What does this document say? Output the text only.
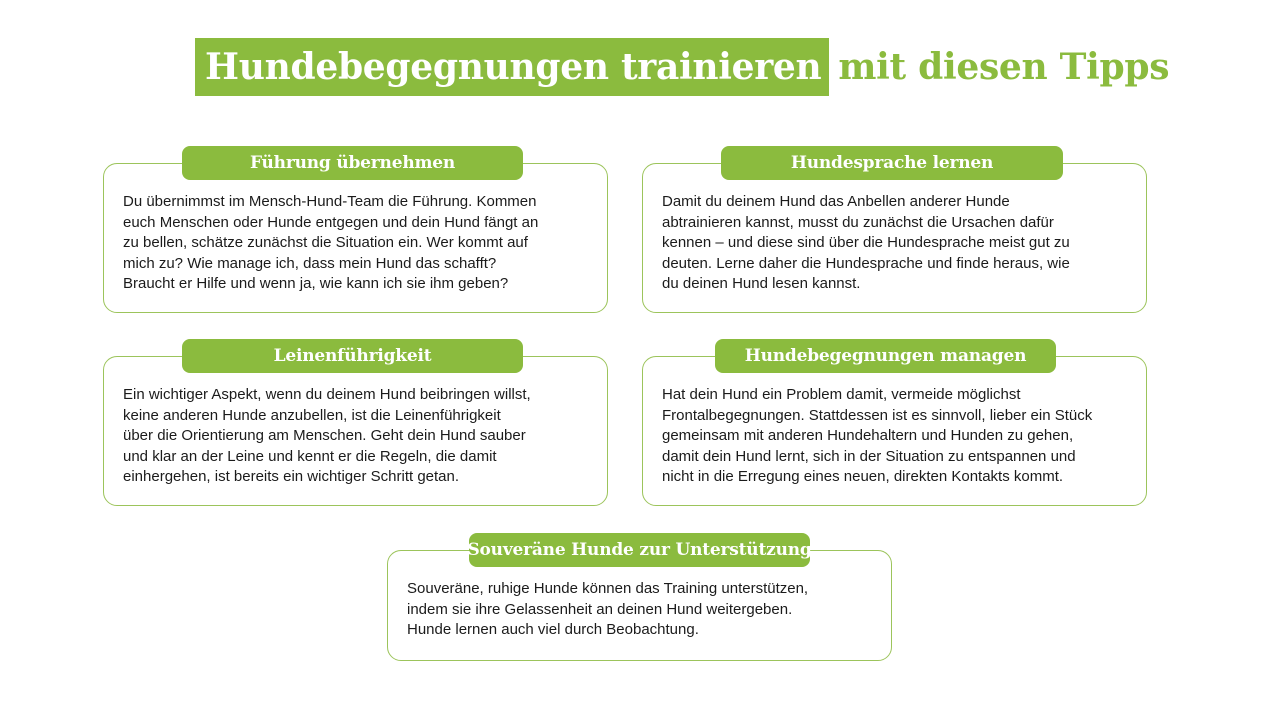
Hundebegegnungen trainieren mit diesen Tipps
Du übernimmst im Mensch-Hund-Team die Führung. Kommen
euch Menschen oder Hunde entgegen und dein Hund fängt an
zu bellen, schätze zunächst die Situation ein. Wer kommt auf
mich zu? Wie manage ich, dass mein Hund das schafft?
Braucht er Hilfe und wenn ja, wie kann ich sie ihm geben?
Führung übernehmen
Damit du deinem Hund das Anbellen anderer Hunde
abtrainieren kannst, musst du zunächst die Ursachen dafür
kennen – und diese sind über die Hundesprache meist gut zu
deuten. Lerne daher die Hundesprache und finde heraus, wie
du deinen Hund lesen kannst.
Hundesprache lernen
Ein wichtiger Aspekt, wenn du deinem Hund beibringen willst,
keine anderen Hunde anzubellen, ist die Leinenführigkeit
über die Orientierung am Menschen. Geht dein Hund sauber
und klar an der Leine und kennt er die Regeln, die damit
einhergehen, ist bereits ein wichtiger Schritt getan.
Leinenführigkeit
Hat dein Hund ein Problem damit, vermeide möglichst
Frontalbegegnungen. Stattdessen ist es sinnvoll, lieber ein Stück
gemeinsam mit anderen Hundehaltern und Hunden zu gehen,
damit dein Hund lernt, sich in der Situation zu entspannen und
nicht in die Erregung eines neuen, direkten Kontakts kommt.
Hundebegegnungen managen
Souveräne, ruhige Hunde können das Training unterstützen,
indem sie ihre Gelassenheit an deinen Hund weitergeben.
Hunde lernen auch viel durch Beobachtung.
Souveräne Hunde zur Unterstützung
